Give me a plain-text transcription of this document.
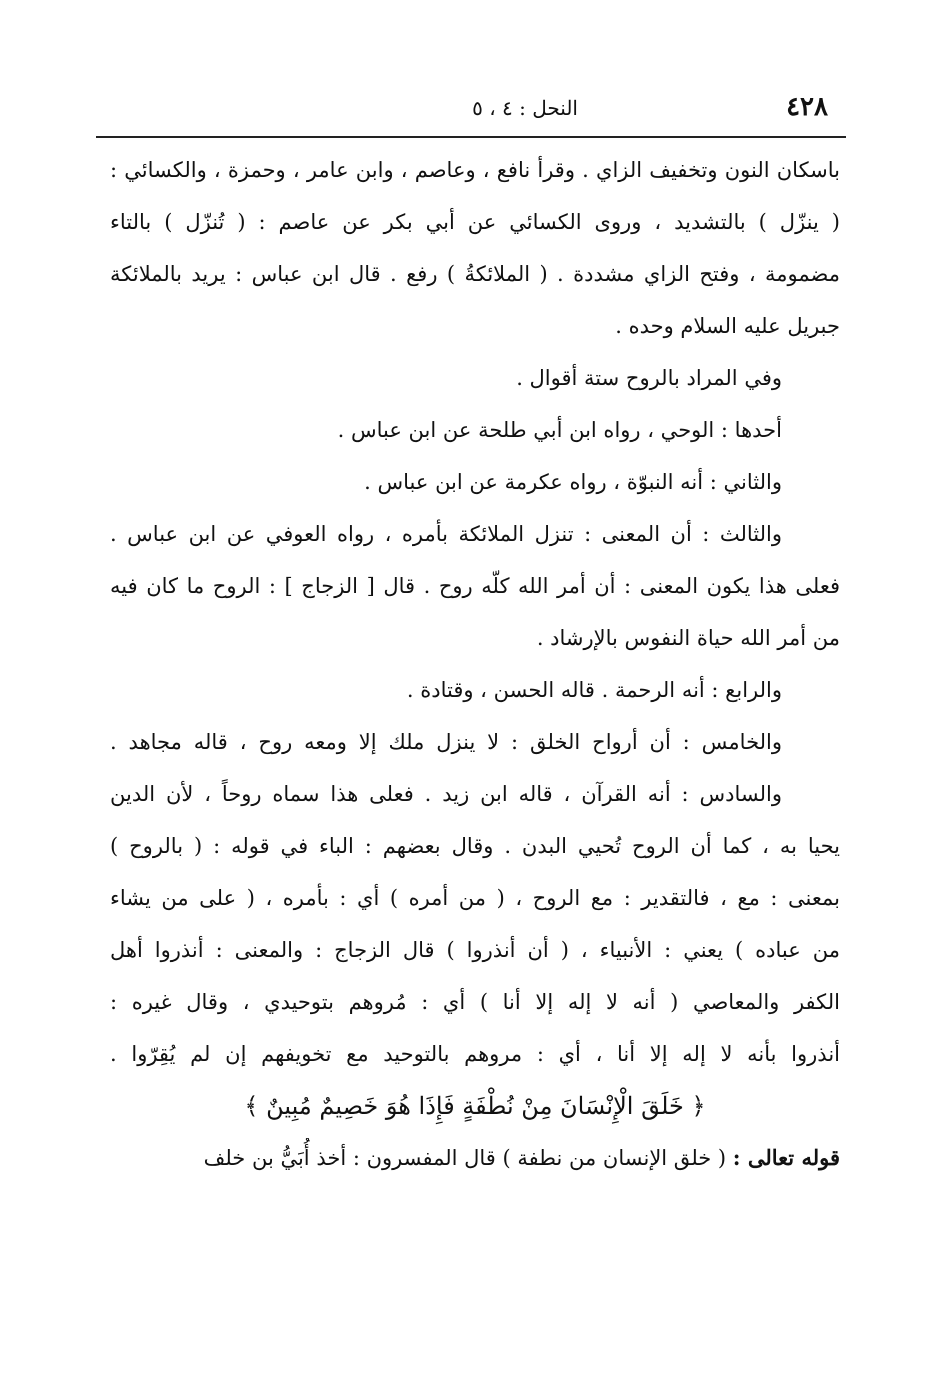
٤٢٨
النحل : ٤ ، ٥
باسكان النون وتخفيف الزاي . وقرأ نافع ، وعاصم ، وابن عامر ، وحمزة ، والكسائي :
( ينزّل ) بالتشديد ، وروى الكسائي عن أبي بكر عن عاصم : ( تُنزّل ) بالتاء
مضمومة ، وفتح الزاي مشددة . ( الملائكةُ ) رفع . قال ابن عباس : يريد بالملائكة
جبريل عليه السلام وحده .
وفي المراد بالروح ستة أقوال .
أحدها : الوحي ، رواه ابن أبي طلحة عن ابن عباس .
والثاني : أنه النبوّة ، رواه عكرمة عن ابن عباس .
والثالث : أن المعنى : تنزل الملائكة بأمره ، رواه العوفي عن ابن عباس .
فعلى هذا يكون المعنى : أن أمر الله كلّه روح . قال [ الزجاج ] : الروح ما كان فيه
من أمر الله حياة النفوس بالإرشاد .
والرابع : أنه الرحمة . قاله الحسن ، وقتادة .
والخامس : أن أرواح الخلق : لا ينزل ملك إلا ومعه روح ، قاله مجاهد .
والسادس : أنه القرآن ، قاله ابن زيد . فعلى هذا سماه روحاً ، لأن الدين
يحيا به ، كما أن الروح تُحيي البدن . وقال بعضهم : الباء في قوله : ( بالروح )
بمعنى : مع ، فالتقدير : مع الروح ، ( من أمره ) أي : بأمره ، ( على من يشاء
من عباده ) يعني : الأنبياء ، ( أن أنذروا ) قال الزجاج : والمعنى : أنذروا أهل
الكفر والمعاصي ( أنه لا إله إلا أنا ) أي : مُروهم بتوحيدي ، وقال غيره :
أنذروا بأنه لا إله إلا أنا ، أي : مروهم بالتوحيد مع تخويفهم إن لم يُقِرّوا .
﴿ خَلَقَ الْإِنْسَانَ مِنْ نُطْفَةٍ فَإِذَا هُوَ خَصِيمٌ مُبِينٌ ﴾
قوله تعالى : ( خلق الإنسان من نطفة ) قال المفسرون : أخذ أُبَيُّ بن خلف
